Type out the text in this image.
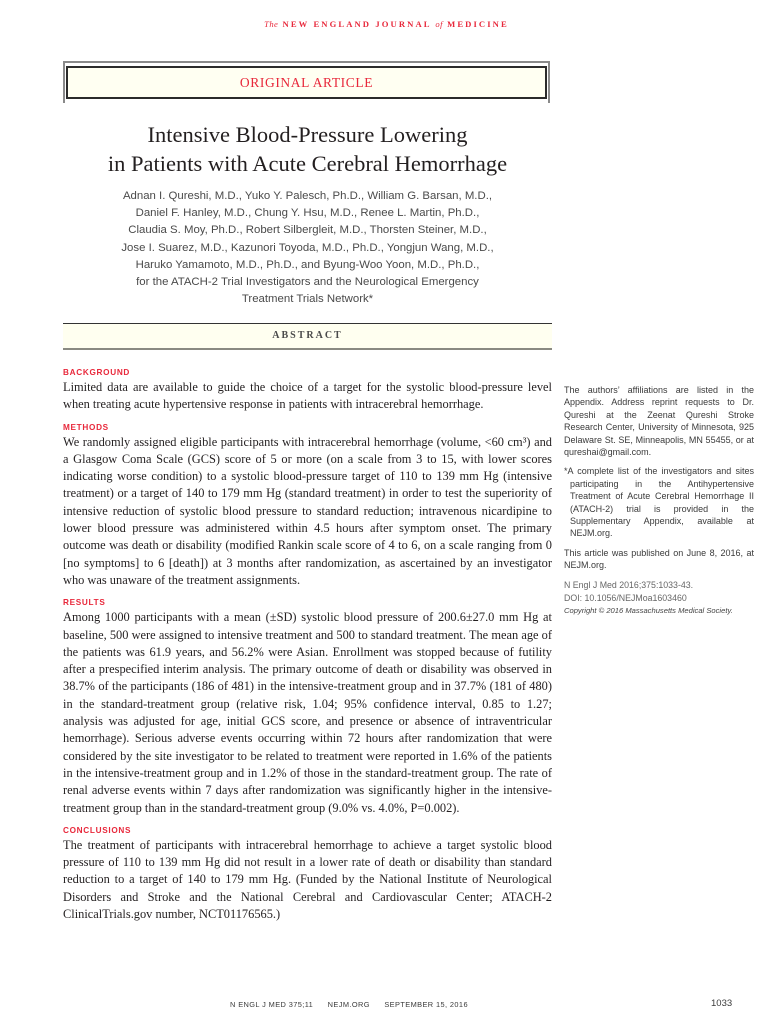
The NEW ENGLAND JOURNAL of MEDICINE
ORIGINAL ARTICLE
Intensive Blood-Pressure Lowering
in Patients with Acute Cerebral Hemorrhage
Adnan I. Qureshi, M.D., Yuko Y. Palesch, Ph.D., William G. Barsan, M.D.,
Daniel F. Hanley, M.D., Chung Y. Hsu, M.D., Renee L. Martin, Ph.D.,
Claudia S. Moy, Ph.D., Robert Silbergleit, M.D., Thorsten Steiner, M.D.,
Jose I. Suarez, M.D., Kazunori Toyoda, M.D., Ph.D., Yongjun Wang, M.D.,
Haruko Yamamoto, M.D., Ph.D., and Byung-Woo Yoon, M.D., Ph.D.,
for the ATACH-2 Trial Investigators and the Neurological Emergency
Treatment Trials Network*
ABSTRACT

BACKGROUND

Limited data are available to guide the choice of a target for the systolic blood-pressure level when treating acute hypertensive response in patients with intracerebral hemorrhage.

METHODS

We randomly assigned eligible participants with intracerebral hemorrhage (volume, <60 cm³) and a Glasgow Coma Scale (GCS) score of 5 or more (on a scale from 3 to 15, with lower scores indicating worse condition) to a systolic blood-pressure target of 110 to 139 mm Hg (intensive treatment) or a target of 140 to 179 mm Hg (standard treatment) in order to test the superiority of intensive reduction of systolic blood pressure to standard reduction; intravenous nicardipine to lower blood pressure was administered within 4.5 hours after symptom onset. The primary outcome was death or disability (modified Rankin scale score of 4 to 6, on a scale ranging from 0 [no symptoms] to 6 [death]) at 3 months after randomization, as ascertained by an investigator who was unaware of the treatment assignments.

RESULTS

Among 1000 participants with a mean (±SD) systolic blood pressure of 200.6±27.0 mm Hg at baseline, 500 were assigned to intensive treatment and 500 to standard treatment. The mean age of the patients was 61.9 years, and 56.2% were Asian. Enrollment was stopped because of futility after a prespecified interim analysis. The primary outcome of death or disability was observed in 38.7% of the participants (186 of 481) in the intensive-treatment group and in 37.7% (181 of 480) in the standard-treatment group (relative risk, 1.04; 95% confidence interval, 0.85 to 1.27; analysis was adjusted for age, initial GCS score, and presence or absence of intraventricular hemorrhage). Serious adverse events occurring within 72 hours after randomization that were considered by the site investigator to be related to treatment were reported in 1.6% of the patients in the intensive-treatment group and in 1.2% of those in the standard-treatment group. The rate of renal adverse events within 7 days after randomization was significantly higher in the intensive-treatment group than in the standard-treatment group (9.0% vs. 4.0%, P=0.002).

CONCLUSIONS

The treatment of participants with intracerebral hemorrhage to achieve a target systolic blood pressure of 110 to 139 mm Hg did not result in a lower rate of death or disability than standard reduction to a target of 140 to 179 mm Hg. (Funded by the National Institute of Neurological Disorders and Stroke and the National Cerebral and Cardiovascular Center; ATACH-2 ClinicalTrials.gov number, NCT01176565.)

The authors’ affiliations are listed in the Appendix. Address reprint requests to Dr. Qureshi at the Zeenat Qureshi Stroke Research Center, University of Minnesota, 925 Delaware St. SE, Minneapolis, MN 55455, or at qureshai@gmail.com.

*A complete list of the investigators and sites participating in the Antihypertensive Treatment of Acute Cerebral Hemorrhage II (ATACH-2) trial is provided in the Supplementary Appendix, available at NEJM.org.

This article was published on June 8, 2016, at NEJM.org.

N Engl J Med 2016;375:1033-43.

DOI: 10.1056/NEJMoa1603460

Copyright © 2016 Massachusetts Medical Society.

N ENGL J MED 375;11 NEJM.ORG SEPTEMBER 15, 2016	1033
